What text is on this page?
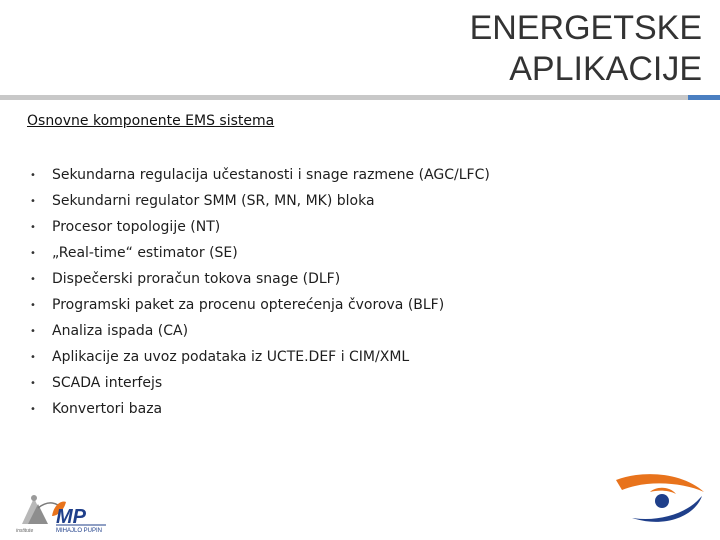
ENERGETSKE
APLIKACIJE
Osnovne komponente EMS sistema
•	Sekundarna regulacija učestanosti i snage razmene (AGC/LFC)
•	Sekundarni regulator SMM (SR, MN, MK) bloka
•	Procesor topologije (NT)
•	„Real-time“ estimator (SE)
•	Dispečerski proračun tokova snage (DLF)
•	Programski paket za procenu opterećenja čvorova (BLF)
•	Analiza ispada (CA)
•	Aplikacije za uvoz podataka iz UCTE.DEF i CIM/XML
•	SCADA interfejs
•	Konvertori baza
MP
MIHAJLO PUPIN
institute
